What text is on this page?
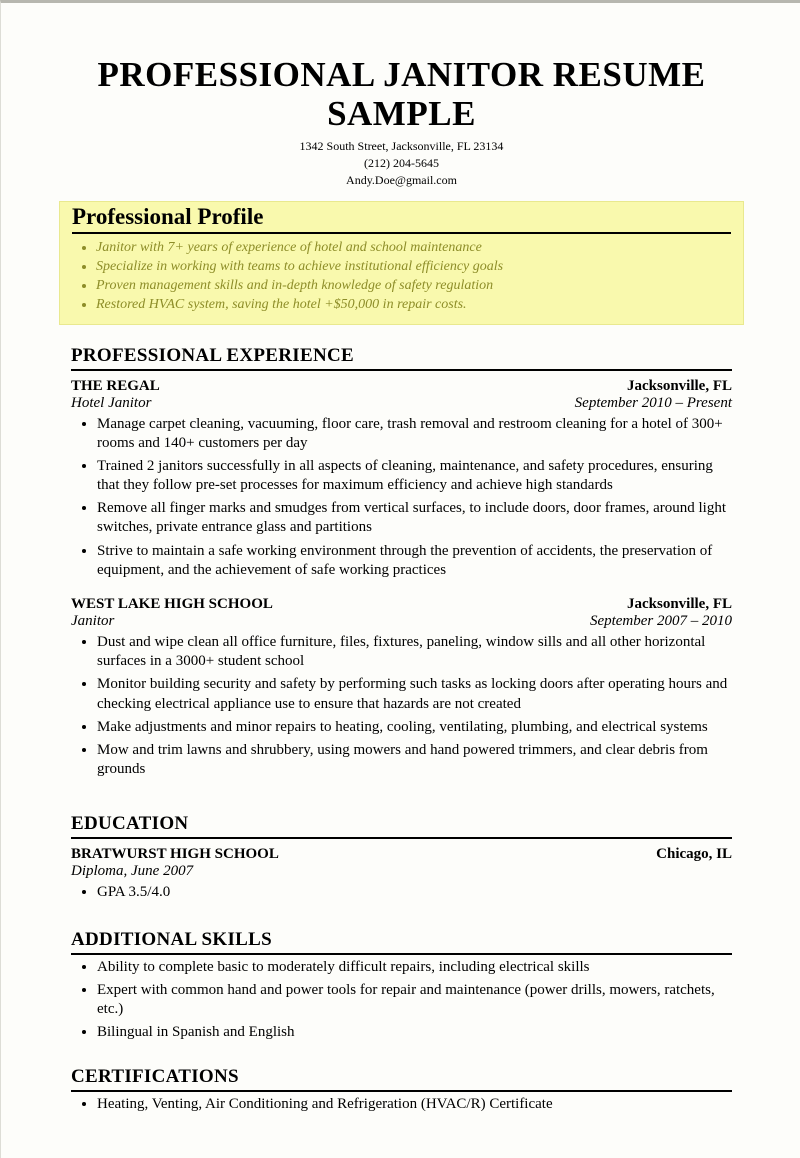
PROFESSIONAL JANITOR RESUME
SAMPLE
1342 South Street, Jacksonville, FL 23134
(212) 204-5645
Andy.Doe@gmail.com
Professional Profile
• Janitor with 7+ years of experience of hotel and school maintenance
• Specialize in working with teams to achieve institutional efficiency goals
• Proven management skills and in-depth knowledge of safety regulation
• Restored HVAC system, saving the hotel +$50,000 in repair costs.
PROFESSIONAL EXPERIENCE
THE REGAL	Jacksonville, FL
Hotel Janitor	September 2010 – Present
• Manage carpet cleaning, vacuuming, floor care, trash removal and restroom cleaning for a hotel of 300+ rooms and 140+ customers per day
• Trained 2 janitors successfully in all aspects of cleaning, maintenance, and safety procedures, ensuring that they follow pre-set processes for maximum efficiency and achieve high standards
• Remove all finger marks and smudges from vertical surfaces, to include doors, door frames, around light switches, private entrance glass and partitions
• Strive to maintain a safe working environment through the prevention of accidents, the preservation of equipment, and the achievement of safe working practices
WEST LAKE HIGH SCHOOL	Jacksonville, FL
Janitor	September 2007 – 2010
• Dust and wipe clean all office furniture, files, fixtures, paneling, window sills and all other horizontal surfaces in a 3000+ student school
• Monitor building security and safety by performing such tasks as locking doors after operating hours and checking electrical appliance use to ensure that hazards are not created
• Make adjustments and minor repairs to heating, cooling, ventilating, plumbing, and electrical systems
• Mow and trim lawns and shrubbery, using mowers and hand powered trimmers, and clear debris from grounds
EDUCATION
BRATWURST HIGH SCHOOL	Chicago, IL
Diploma, June 2007
• GPA 3.5/4.0
ADDITIONAL SKILLS
• Ability to complete basic to moderately difficult repairs, including electrical skills
• Expert with common hand and power tools for repair and maintenance (power drills, mowers, ratchets, etc.)
• Bilingual in Spanish and English
CERTIFICATIONS
• Heating, Venting, Air Conditioning and Refrigeration (HVAC/R) Certificate
